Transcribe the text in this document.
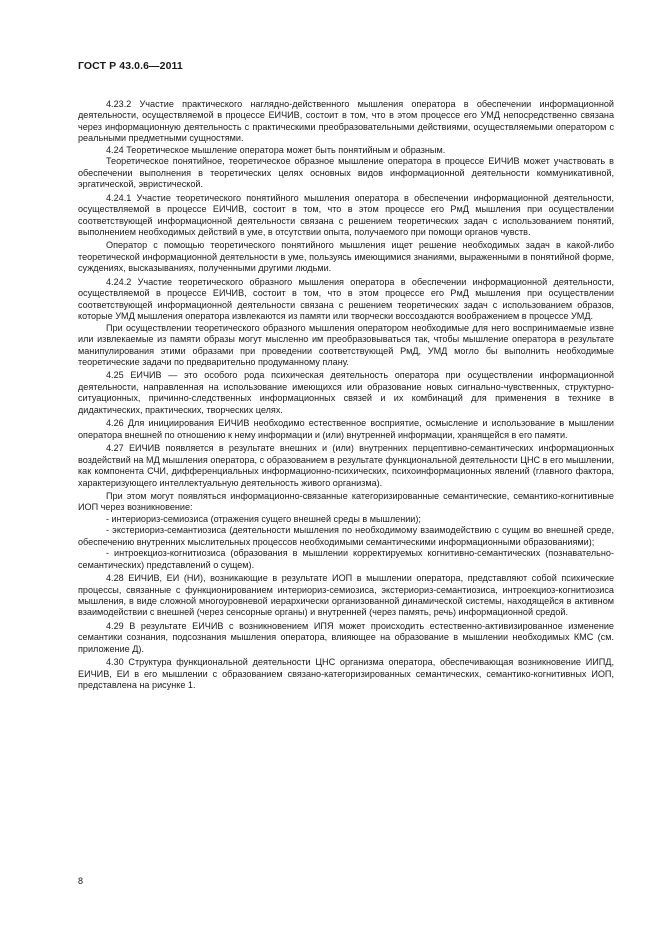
ГОСТ Р 43.0.6—2011

4.23.2 Участие практического наглядно-действенного мышления оператора в обеспечении информационной деятельности, осуществляемой в процессе ЕИЧИВ, состоит в том, что в этом процессе его УМД непосредственно связана через информационную деятельность с практическими преобразовательными действиями, осуществляемыми оператором с реальными предметными сущностями.

4.24 Теоретическое мышление оператора может быть понятийным и образным.

Теоретическое понятийное, теоретическое образное мышление оператора в процессе ЕИЧИВ может участвовать в обеспечении выполнения в теоретических целях основных видов информационной деятельности коммуникативной, эргатической, эвристической.

4.24.1 Участие теоретического понятийного мышления оператора в обеспечении информационной деятельности, осуществляемой в процессе ЕИЧИВ, состоит в том, что в этом процессе его РмД мышления при осуществлении соответствующей информационной деятельности связана с решением теоретических задач с использованием понятий, выполнением необходимых действий в уме, в отсутствии опыта, получаемого при помощи органов чувств.

Оператор с помощью теоретического понятийного мышления ищет решение необходимых задач в какой-либо теоретической информационной деятельности в уме, пользуясь имеющимися знаниями, выраженными в понятийной форме, суждениях, высказываниях, полученными другими людьми.

4.24.2 Участие теоретического образного мышления оператора в обеспечении информационной деятельности, осуществляемой в процессе ЕИЧИВ, состоит в том, что в этом процессе его РмД мышления при осуществлении соответствующей информационной деятельности связана с решением теоретических задач с использованием образов, которые УМД мышления оператора извлекаются из памяти или творчески воссоздаются воображением в процессе УМД.

При осуществлении теоретического образного мышления оператором необходимые для него воспринимаемые извне или извлекаемые из памяти образы могут мысленно им преобразовываться так, чтобы мышление оператора в результате манипулирования этими образами при проведении соответствующей РмД, УМД могло бы выполнить необходимые теоретические задачи по предварительно продуманному плану.

4.25 ЕИЧИВ — это особого рода психическая деятельность оператора при осуществлении информационной деятельности, направленная на использование имеющихся или образование новых сигнально-чувственных, структурно-ситуационных, причинно-следственных информационных связей и их комбинаций для применения в технике в дидактических, практических, творческих целях.

4.26 Для инициирования ЕИЧИВ необходимо естественное восприятие, осмысление и использование в мышлении оператора внешней по отношению к нему информации и (или) внутренней информации, хранящейся в его памяти.

4.27 ЕИЧИВ появляется в результате внешних и (или) внутренних перцептивно-семантических информационных воздействий на МД мышления оператора, с образованием в результате функциональной деятельности ЦНС в его мышлении, как компонента СЧИ, дифференциальных информационно-психических, психоинформационных явлений (главного фактора, характеризующего интеллектуальную деятельность живого организма).

При этом могут появляться информационно-связанные категоризированные семантические, семантико-когнитивные ИОП через возникновение:

- интериориз-семиозиса (отражения сущего внешней среды в мышлении);

- экстериориз-семантиозиса (деятельности мышления по необходимому взаимодействию с сущим во внешней среде, обеспечению внутренних мыслительных процессов необходимыми семантическими информационными образованиями);

- интроекциоз-когнитиозиса (образования в мышлении корректируемых когнитивно-семантических (познавательно-семантических) представлений о сущем).

4.28 ЕИЧИВ, ЕИ (НИ), возникающие в результате ИОП в мышлении оператора, представляют собой психические процессы, связанные с функционированием интериориз-семиозиса, экстериориз-семантиозиса, интроекциоз-когнитиозиса мышления, в виде сложной многоуровневой иерархически организованной динамической системы, находящейся в активном взаимодействии с внешней (через сенсорные органы) и внутренней (через память, речь) информационной средой.

4.29 В результате ЕИЧИВ с возникновением ИПЯ может происходить естественно-активизированное изменение семантики сознания, подсознания мышления оператора, влияющее на образование в мышлении необходимых КМС (см. приложение Д).

4.30 Структура функциональной деятельности ЦНС организма оператора, обеспечивающая возникновение ИИПД, ЕИЧИВ, ЕИ в его мышлении с образованием связано-категоризированных семантических, семантико-когнитивных ИОП, представлена на рисунке 1.

8
